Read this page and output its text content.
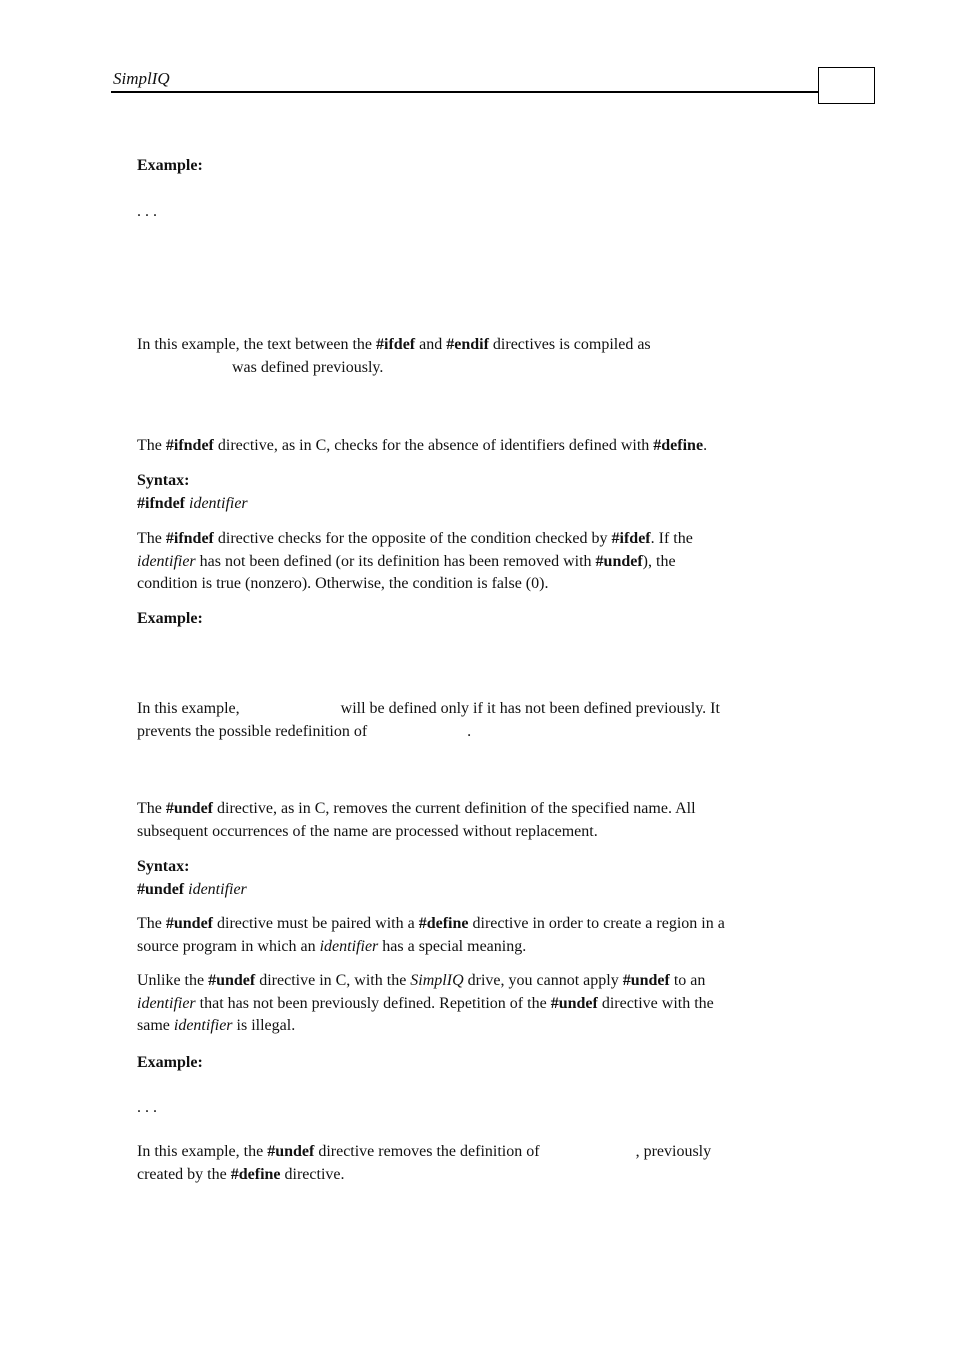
SimplIQ
Example:
. . .
In this example, the text between the #ifdef and #endif directives is compiled as
was defined previously.
The #ifndef directive, as in C, checks for the absence of identifiers defined with #define.
Syntax:
#ifndef identifier
The #ifndef directive checks for the opposite of the condition checked by #ifdef. If the
identifier has not been defined (or its definition has been removed with #undef), the
condition is true (nonzero). Otherwise, the condition is false (0).
Example:
In this example,	will be defined only if it has not been defined previously. It
prevents the possible redefinition of	.
The #undef directive, as in C, removes the current definition of the specified name. All
subsequent occurrences of the name are processed without replacement.
Syntax:
#undef identifier
The #undef directive must be paired with a #define directive in order to create a region in a
source program in which an identifier has a special meaning.
Unlike the #undef directive in C, with the SimplIQ drive, you cannot apply #undef to an
identifier that has not been previously defined. Repetition of the #undef directive with the
same identifier is illegal.
Example:
. . .
In this example, the #undef directive removes the definition of	, previously
created by the #define directive.
